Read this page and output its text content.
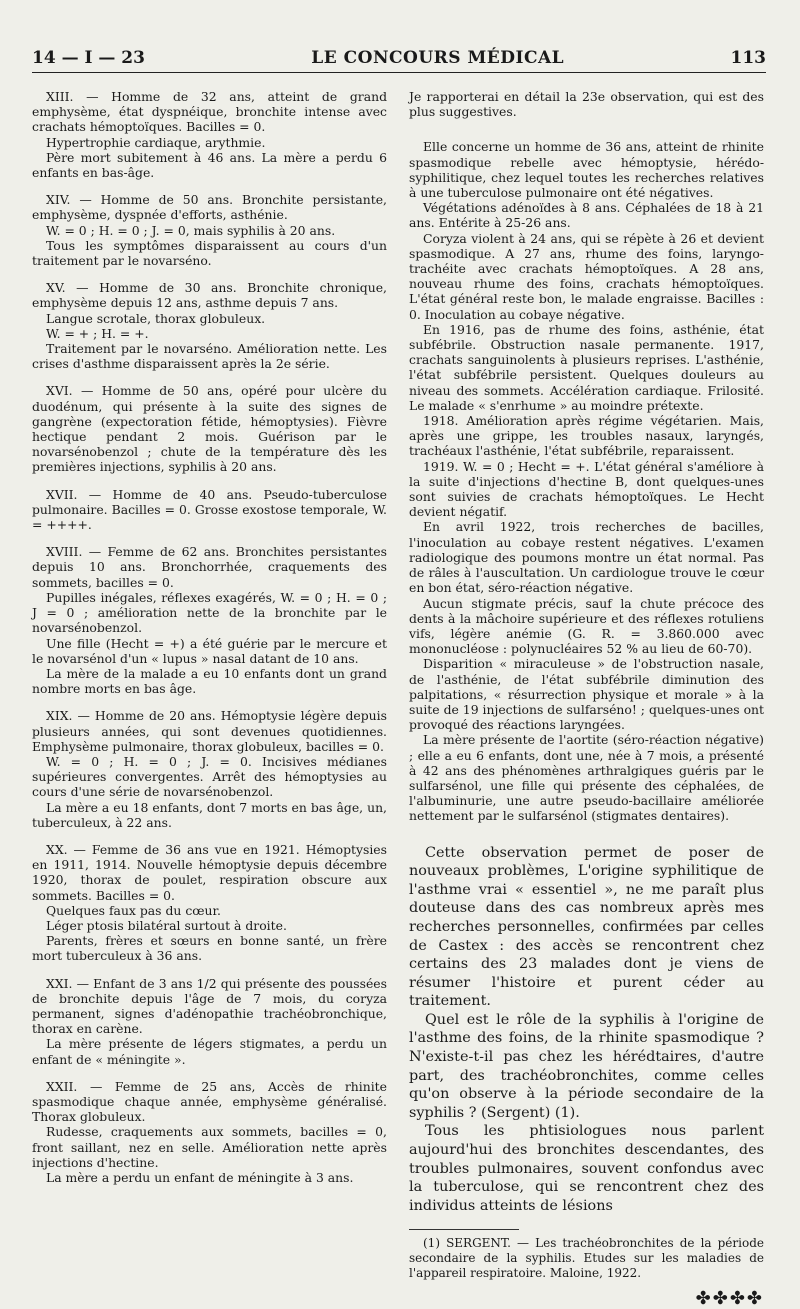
14 — I — 23	LE CONCOURS MÉDICAL	113

XIII. — Homme de 32 ans, atteint de grand emphysème, état dyspnéique, bronchite intense avec crachats hémoptoïques. Bacilles = 0.

Hypertrophie cardiaque, arythmie.

Père mort subitement à 46 ans. La mère a perdu 6 enfants en bas-âge.

XIV. — Homme de 50 ans. Bronchite persistante, emphysème, dyspnée d'efforts, asthénie.

W. = 0 ; H. = 0 ; J. = 0, mais syphilis à 20 ans.

Tous les symptômes disparaissent au cours d'un traitement par le novarséno.

XV. — Homme de 30 ans. Bronchite chronique, emphysème depuis 12 ans, asthme depuis 7 ans.

Langue scrotale, thorax globuleux.

W. = + ; H. = +.

Traitement par le novarséno. Amélioration nette. Les crises d'asthme disparaissent après la 2e série.

XVI. — Homme de 50 ans, opéré pour ulcère du duodénum, qui présente à la suite des signes de gangrène (expectoration fétide, hémoptysies). Fièvre hectique pendant 2 mois. Guérison par le novarsénobenzol ; chute de la température dès les premières injections, syphilis à 20 ans.

XVII. — Homme de 40 ans. Pseudo-tuberculose pulmonaire. Bacilles = 0. Grosse exostose temporale, W. = ++++.

XVIII. — Femme de 62 ans. Bronchites persistantes depuis 10 ans. Bronchorrhée, craquements des sommets, bacilles = 0.

Pupilles inégales, réflexes exagérés, W. = 0 ; H. = 0 ; J = 0 ; amélioration nette de la bronchite par le novarsénobenzol.

Une fille (Hecht = +) a été guérie par le mercure et le novarsénol d'un « lupus » nasal datant de 10 ans.

La mère de la malade a eu 10 enfants dont un grand nombre morts en bas âge.

XIX. — Homme de 20 ans. Hémoptysie légère depuis plusieurs années, qui sont devenues quotidiennes. Emphysème pulmonaire, thorax globuleux, bacilles = 0.

W. = 0 ; H. = 0 ; J. = 0. Incisives médianes supérieures convergentes. Arrêt des hémoptysies au cours d'une série de novarsénobenzol.

La mère a eu 18 enfants, dont 7 morts en bas âge, un, tuberculeux, à 22 ans.

XX. — Femme de 36 ans vue en 1921. Hémoptysies en 1911, 1914. Nouvelle hémoptysie depuis décembre 1920, thorax de poulet, respiration obscure aux sommets. Bacilles = 0.

Quelques faux pas du cœur.

Léger ptosis bilatéral surtout à droite.

Parents, frères et sœurs en bonne santé, un frère mort tuberculeux à 36 ans.

XXI. — Enfant de 3 ans 1/2 qui présente des poussées de bronchite depuis l'âge de 7 mois, du coryza permanent, signes d'adénopathie trachéobronchique, thorax en carène.

La mère présente de légers stigmates, a perdu un enfant de « méningite ».

XXII. — Femme de 25 ans, Accès de rhinite spasmodique chaque année, emphysème généralisé. Thorax globuleux.

Rudesse, craquements aux sommets, bacilles = 0, front saillant, nez en selle. Amélioration nette après injections d'hectine.

La mère a perdu un enfant de méningite à 3 ans.

Je rapporterai en détail la 23e observation, qui est des plus suggestives.

Elle concerne un homme de 36 ans, atteint de rhinite spasmodique rebelle avec hémoptysie, hérédo-syphilitique, chez lequel toutes les recherches relatives à une tuberculose pulmonaire ont été négatives.

Végétations adénoïdes à 8 ans. Céphalées de 18 à 21 ans. Entérite à 25-26 ans.

Coryza violent à 24 ans, qui se répète à 26 et devient spasmodique. A 27 ans, rhume des foins, laryngo-trachéite avec crachats hémoptoïques. A 28 ans, nouveau rhume des foins, crachats hémoptoïques. L'état général reste bon, le malade engraisse. Bacilles : 0. Inoculation au cobaye négative.

En 1916, pas de rhume des foins, asthénie, état subfébrile. Obstruction nasale permanente. 1917, crachats sanguinolents à plusieurs reprises. L'asthénie, l'état subfébrile persistent. Quelques douleurs au niveau des sommets. Accélération cardiaque. Frilosité. Le malade « s'enrhume » au moindre prétexte.

1918. Amélioration après régime végétarien. Mais, après une grippe, les troubles nasaux, laryngés, trachéaux l'asthénie, l'état subfébrile, reparaissent.

1919. W. = 0 ; Hecht = +. L'état général s'améliore à la suite d'injections d'hectine B, dont quelques-unes sont suivies de crachats hémoptoïques. Le Hecht devient négatif.

En avril 1922, trois recherches de bacilles, l'inoculation au cobaye restent négatives. L'examen radiologique des poumons montre un état normal. Pas de râles à l'auscultation. Un cardiologue trouve le cœur en bon état, séro-réaction négative.

Aucun stigmate précis, sauf la chute précoce des dents à la mâchoire supérieure et des réflexes rotuliens vifs, légère anémie (G. R. = 3.860.000 avec mononucléose : polynucléaires 52 % au lieu de 60-70).

Disparition « miraculeuse » de l'obstruction nasale, de l'asthénie, de l'état subfébrile diminution des palpitations, « résurrection physique et morale » à la suite de 19 injections de sulfarséno! ; quelques-unes ont provoqué des réactions laryngées.

La mère présente de l'aortite (séro-réaction négative) ; elle a eu 6 enfants, dont une, née à 7 mois, a présenté à 42 ans des phénomènes arthralgiques guéris par le sulfarsénol, une fille qui présente des céphalées, de l'albuminurie, une autre pseudo-bacillaire améliorée nettement par le sulfarsénol (stigmates dentaires).

Cette observation permet de poser de nouveaux problèmes, L'origine syphilitique de l'asthme vrai « essentiel », ne me paraît plus douteuse dans des cas nombreux après mes recherches personnelles, confirmées par celles de Castex : des accès se rencontrent chez certains des 23 malades dont je viens de résumer l'histoire et purent céder au traitement.

Quel est le rôle de la syphilis à l'origine de l'asthme des foins, de la rhinite spasmodique ? N'existe-t-il pas chez les hérédtaires, d'autre part, des trachéobronchites, comme celles qu'on observe à la période secondaire de la syphilis ? (Sergent) (1).

Tous les phtisiologues nous parlent aujourd'hui des bronchites descendantes, des troubles pulmonaires, souvent confondus avec la tuberculose, qui se rencontrent chez des individus atteints de lésions

(1) SERGENT. — Les trachéobronchites de la période secondaire de la syphilis. Etudes sur les maladies de l'appareil respiratoire. Maloine, 1922.

✤✤✤✤
